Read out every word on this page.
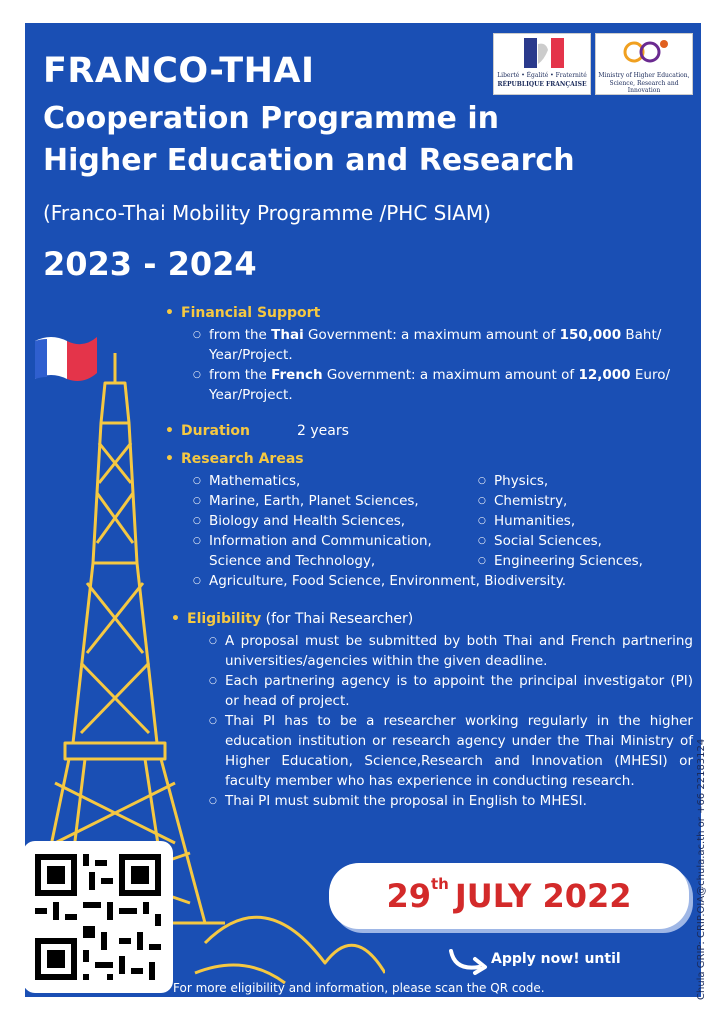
Liberté • Égalité • Fraternité
RÉPUBLIQUE FRANÇAISE
Ministry of Higher Education,
Science, Research and Innovation
FRANCO-THAI
Cooperation Programme in
Higher Education and Research
(Franco-Thai Mobility Programme /PHC SIAM)
2023 - 2024
• Financial Support
○ from the Thai Government: a maximum amount of 150,000 Baht/ Year/Project.
○ from the French Government: a maximum amount of 12,000 Euro/ Year/Project.
• Duration	2 years
• Research Areas
○ Mathematics,
○ Marine, Earth, Planet Sciences,
○ Biology and Health Sciences,
○ Information and Communication, Science and Technology,
○ Physics,
○ Chemistry,
○ Humanities,
○ Social Sciences,
○ Engineering Sciences,
○ Agriculture, Food Science, Environment, Biodiversity.
• Eligibility (for Thai Researcher)
○ A proposal must be submitted by both Thai and French partnering universities/agencies within the given deadline.
○ Each partnering agency is to appoint the principal investigator (PI) or head of project.
○ Thai PI has to be a researcher working regularly in the higher education institution or research agency under the Thai Ministry of Higher Education, Science,Research and Innovation (MHESI) or faculty member who has experience in conducting research.
○ Thai PI must submit the proposal in English to MHESI.
29th JULY 2022
Apply now! until
For more eligibility and information, please scan the QR code.	Chula GRIP: CRIP.OIA@chula.ac.th or +66 22183124
